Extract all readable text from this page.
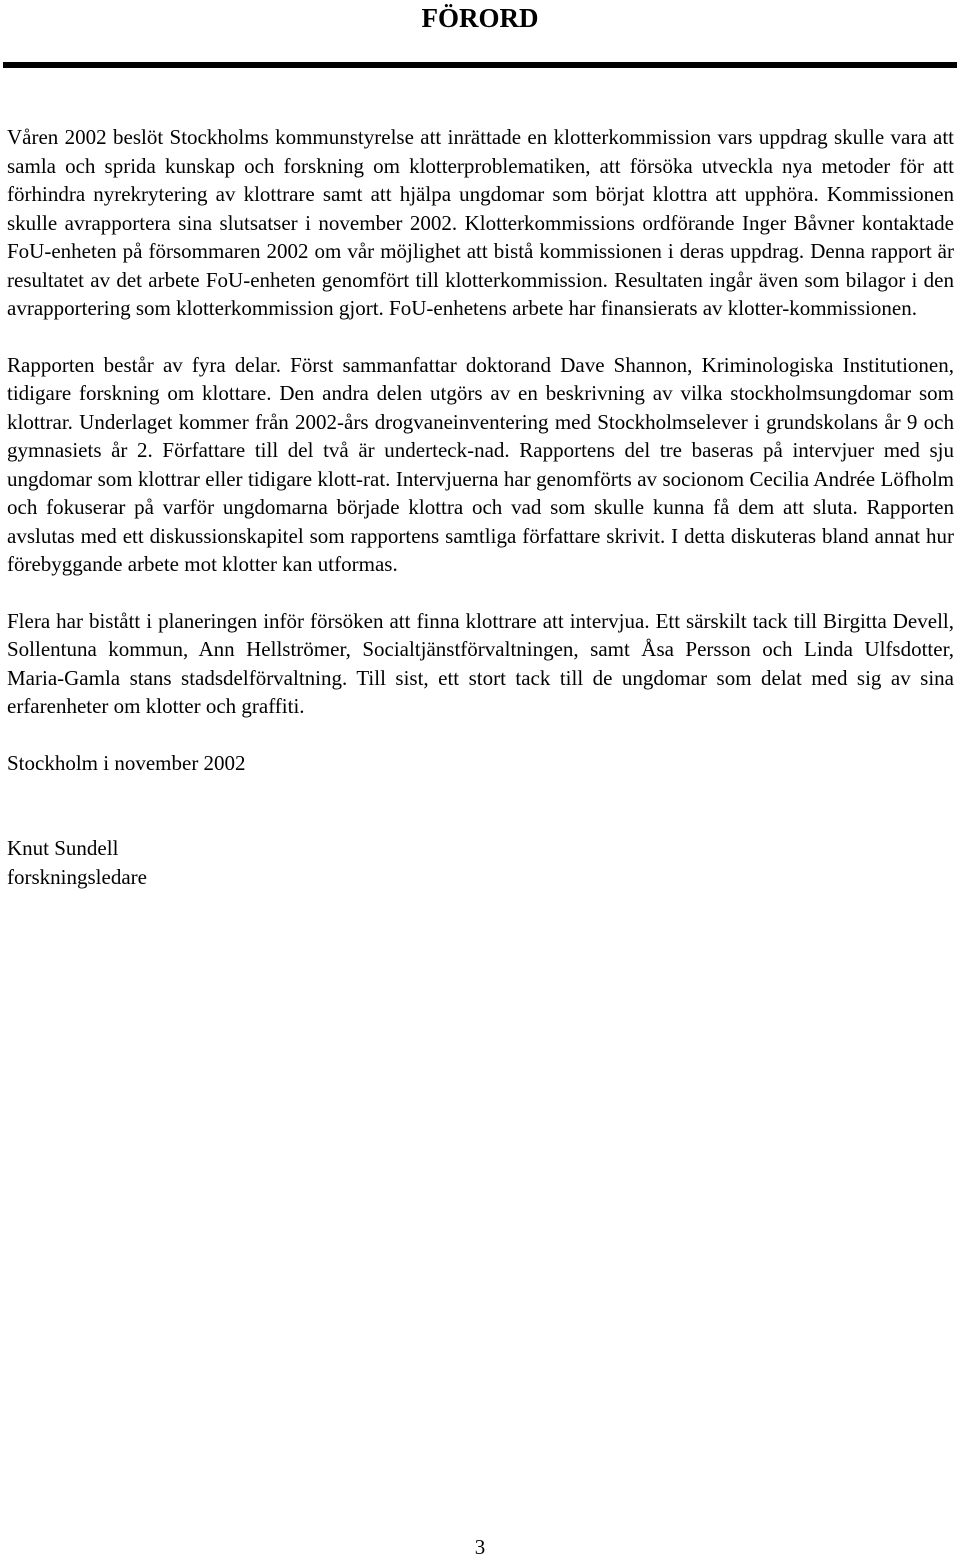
FÖRORD

Våren 2002 beslöt Stockholms kommunstyrelse att inrättade en klotterkommission vars uppdrag skulle vara att samla och sprida kunskap och forskning om klotterproblematiken, att försöka utveckla nya metoder för att förhindra nyrekrytering av klottrare samt att hjälpa ungdomar som börjat klottra att upphöra. Kommissionen skulle avrapportera sina slutsatser i november 2002. Klotterkommissions ordförande Inger Båvner kontaktade FoU-enheten på försommaren 2002 om vår möjlighet att bistå kommissionen i deras uppdrag. Denna rapport är resultatet av det arbete FoU-enheten genomfört till klotterkommission. Resultaten ingår även som bilagor i den avrapportering som klotterkommission gjort. FoU-enhetens arbete har finansierats av klotter-kommissionen.

Rapporten består av fyra delar. Först sammanfattar doktorand Dave Shannon, Kriminologiska Institutionen, tidigare forskning om klottare. Den andra delen utgörs av en beskrivning av vilka stockholmsungdomar som klottrar. Underlaget kommer från 2002-års drogvaneinventering med Stockholmselever i grundskolans år 9 och gymnasiets år 2. Författare till del två är underteck-nad. Rapportens del tre baseras på intervjuer med sju ungdomar som klottrar eller tidigare klott-rat. Intervjuerna har genomförts av socionom Cecilia Andrée Löfholm och fokuserar på varför ungdomarna började klottra och vad som skulle kunna få dem att sluta. Rapporten avslutas med ett diskussionskapitel som rapportens samtliga författare skrivit. I detta diskuteras bland annat hur förebyggande arbete mot klotter kan utformas.

Flera har bistått i planeringen inför försöken att finna klottrare att intervjua. Ett särskilt tack till Birgitta Devell, Sollentuna kommun, Ann Hellströmer, Socialtjänstförvaltningen, samt Åsa Persson och Linda Ulfsdotter, Maria-Gamla stans stadsdelförvaltning. Till sist, ett stort tack till de ungdomar som delat med sig av sina erfarenheter om klotter och graffiti.

Stockholm i november 2002

Knut Sundell
forskningsledare

3
